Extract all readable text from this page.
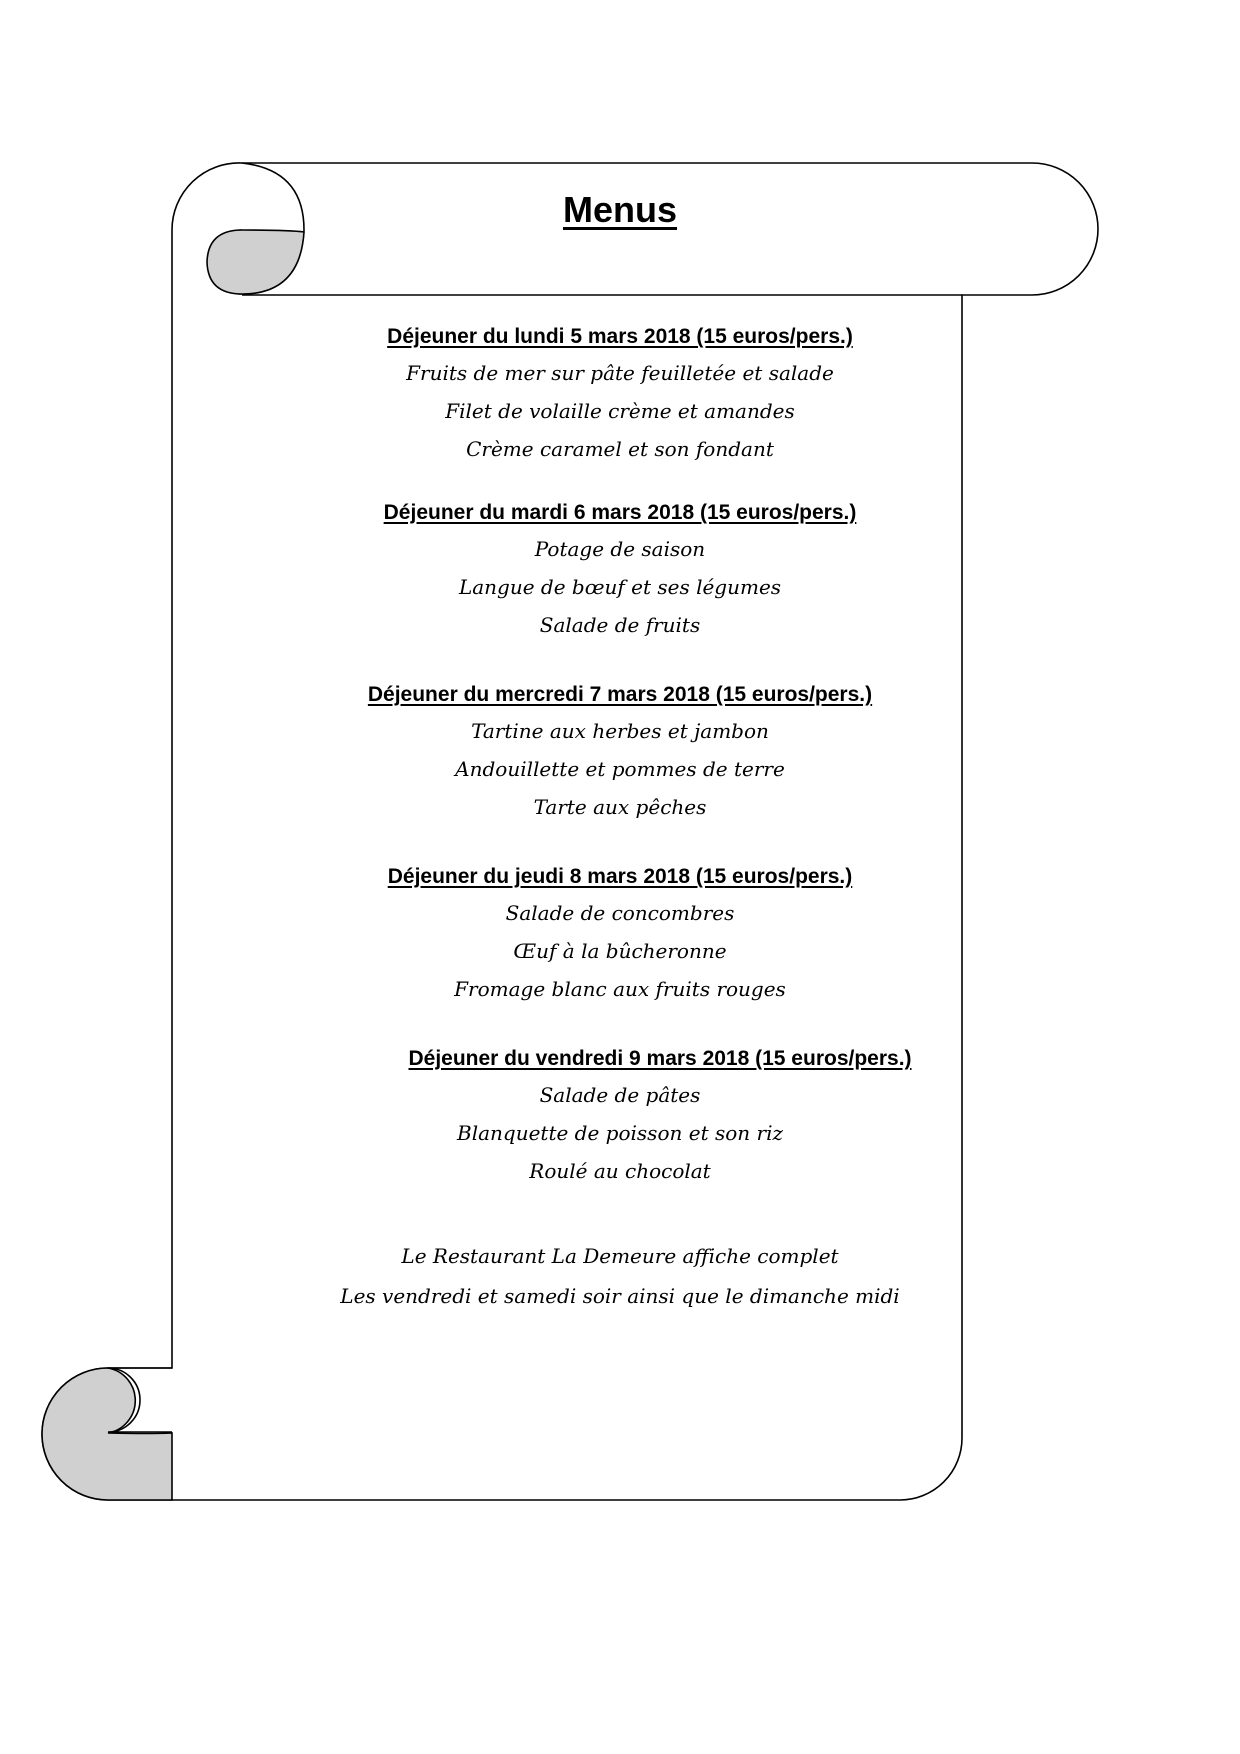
Menus

Déjeuner du lundi 5 mars 2018 (15 euros/pers.)

Fruits de mer sur pâte feuilletée et salade

Filet de volaille crème et amandes

Crème caramel et son fondant

Déjeuner du mardi 6 mars 2018 (15 euros/pers.)

Potage de saison

Langue de bœuf et ses légumes

Salade de fruits

Déjeuner du mercredi 7 mars 2018 (15 euros/pers.)

Tartine aux herbes et jambon

Andouillette et pommes de terre

Tarte aux pêches

Déjeuner du jeudi 8 mars 2018 (15 euros/pers.)

Salade de concombres

Œuf à la bûcheronne

Fromage blanc aux fruits rouges

Déjeuner du vendredi 9 mars 2018 (15 euros/pers.)

Salade de pâtes

Blanquette de poisson et son riz

Roulé au chocolat

Le Restaurant La Demeure affiche complet

Les vendredi et samedi soir ainsi que le dimanche midi
